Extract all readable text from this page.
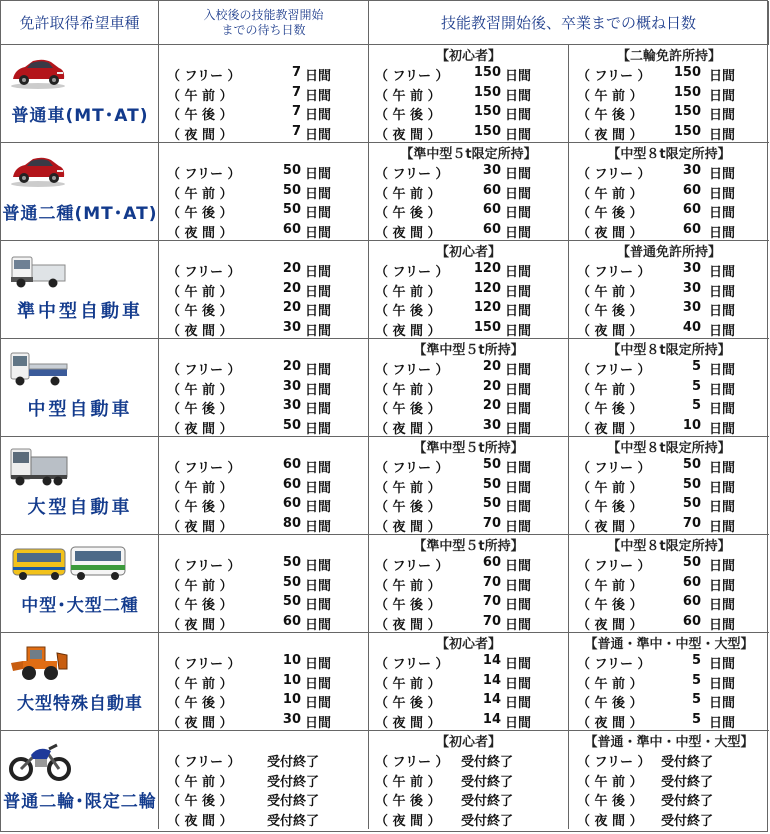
免許取得希望車種	入校後の技能教習開始
までの待ち日数	技能教習開始後、卒業までの概ね日数
普通車(MT･AT)
（ フリー ）	7 日間
（ 午 前 ）	7 日間
（ 午 後 ）	7 日間
（ 夜 間 ）	7 日間
【初心者】
（ フリー ）	150 日間
（ 午 前 ）	150 日間
（ 午 後 ）	150 日間
（ 夜 間 ）	150 日間
【二輪免許所持】
（ フリー ）	150 日間
（ 午 前 ）	150 日間
（ 午 後 ）	150 日間
（ 夜 間 ）	150 日間
普通二種(MT･AT)
（ フリー ）	50 日間
（ 午 前 ）	50 日間
（ 午 後 ）	50 日間
（ 夜 間 ）	60 日間
【準中型５t限定所持】
（ フリー ）	30 日間
（ 午 前 ）	60 日間
（ 午 後 ）	60 日間
（ 夜 間 ）	60 日間
【中型８t限定所持】
（ フリー ）	30 日間
（ 午 前 ）	60 日間
（ 午 後 ）	60 日間
（ 夜 間 ）	60 日間
準中型自動車
（ フリー ）	20 日間
（ 午 前 ）	20 日間
（ 午 後 ）	20 日間
（ 夜 間 ）	30 日間
【初心者】
（ フリー ）	120 日間
（ 午 前 ）	120 日間
（ 午 後 ）	120 日間
（ 夜 間 ）	150 日間
【普通免許所持】
（ フリー ）	30 日間
（ 午 前 ）	30 日間
（ 午 後 ）	30 日間
（ 夜 間 ）	40 日間
中型自動車
（ フリー ）	20 日間
（ 午 前 ）	30 日間
（ 午 後 ）	30 日間
（ 夜 間 ）	50 日間
【準中型５t所持】
（ フリー ）	20 日間
（ 午 前 ）	20 日間
（ 午 後 ）	20 日間
（ 夜 間 ）	30 日間
【中型８t限定所持】
（ フリー ）	5 日間
（ 午 前 ）	5 日間
（ 午 後 ）	5 日間
（ 夜 間 ）	10 日間
大型自動車
（ フリー ）	60 日間
（ 午 前 ）	60 日間
（ 午 後 ）	60 日間
（ 夜 間 ）	80 日間
【準中型５t所持】
（ フリー ）	50 日間
（ 午 前 ）	50 日間
（ 午 後 ）	50 日間
（ 夜 間 ）	70 日間
【中型８t限定所持】
（ フリー ）	50 日間
（ 午 前 ）	50 日間
（ 午 後 ）	50 日間
（ 夜 間 ）	70 日間
中型･大型二種
（ フリー ）	50 日間
（ 午 前 ）	50 日間
（ 午 後 ）	50 日間
（ 夜 間 ）	60 日間
【準中型５t所持】
（ フリー ）	60 日間
（ 午 前 ）	70 日間
（ 午 後 ）	70 日間
（ 夜 間 ）	70 日間
【中型８t限定所持】
（ フリー ）	50 日間
（ 午 前 ）	60 日間
（ 午 後 ）	60 日間
（ 夜 間 ）	60 日間
大型特殊自動車
（ フリー ）	10 日間
（ 午 前 ）	10 日間
（ 午 後 ）	10 日間
（ 夜 間 ）	30 日間
【初心者】
（ フリー ）	14 日間
（ 午 前 ）	14 日間
（ 午 後 ）	14 日間
（ 夜 間 ）	14 日間
【普通・準中・中型・大型】
（ フリー ）	5 日間
（ 午 前 ）	5 日間
（ 午 後 ）	5 日間
（ 夜 間 ）	5 日間
普通二輪･限定二輪
（ フリー ） 受付終了
（ 午 前 ）	受付終了
（ 午 後 ）	受付終了
（ 夜 間 ）	受付終了
【初心者】
（ フリー ） 受付終了
（ 午 前 ） 受付終了
（ 午 後 ） 受付終了
（ 夜 間 ） 受付終了
【普通・準中・中型・大型】
（ フリー ） 受付終了
（ 午 前 ） 受付終了
（ 午 後 ） 受付終了
（ 夜 間 ） 受付終了
